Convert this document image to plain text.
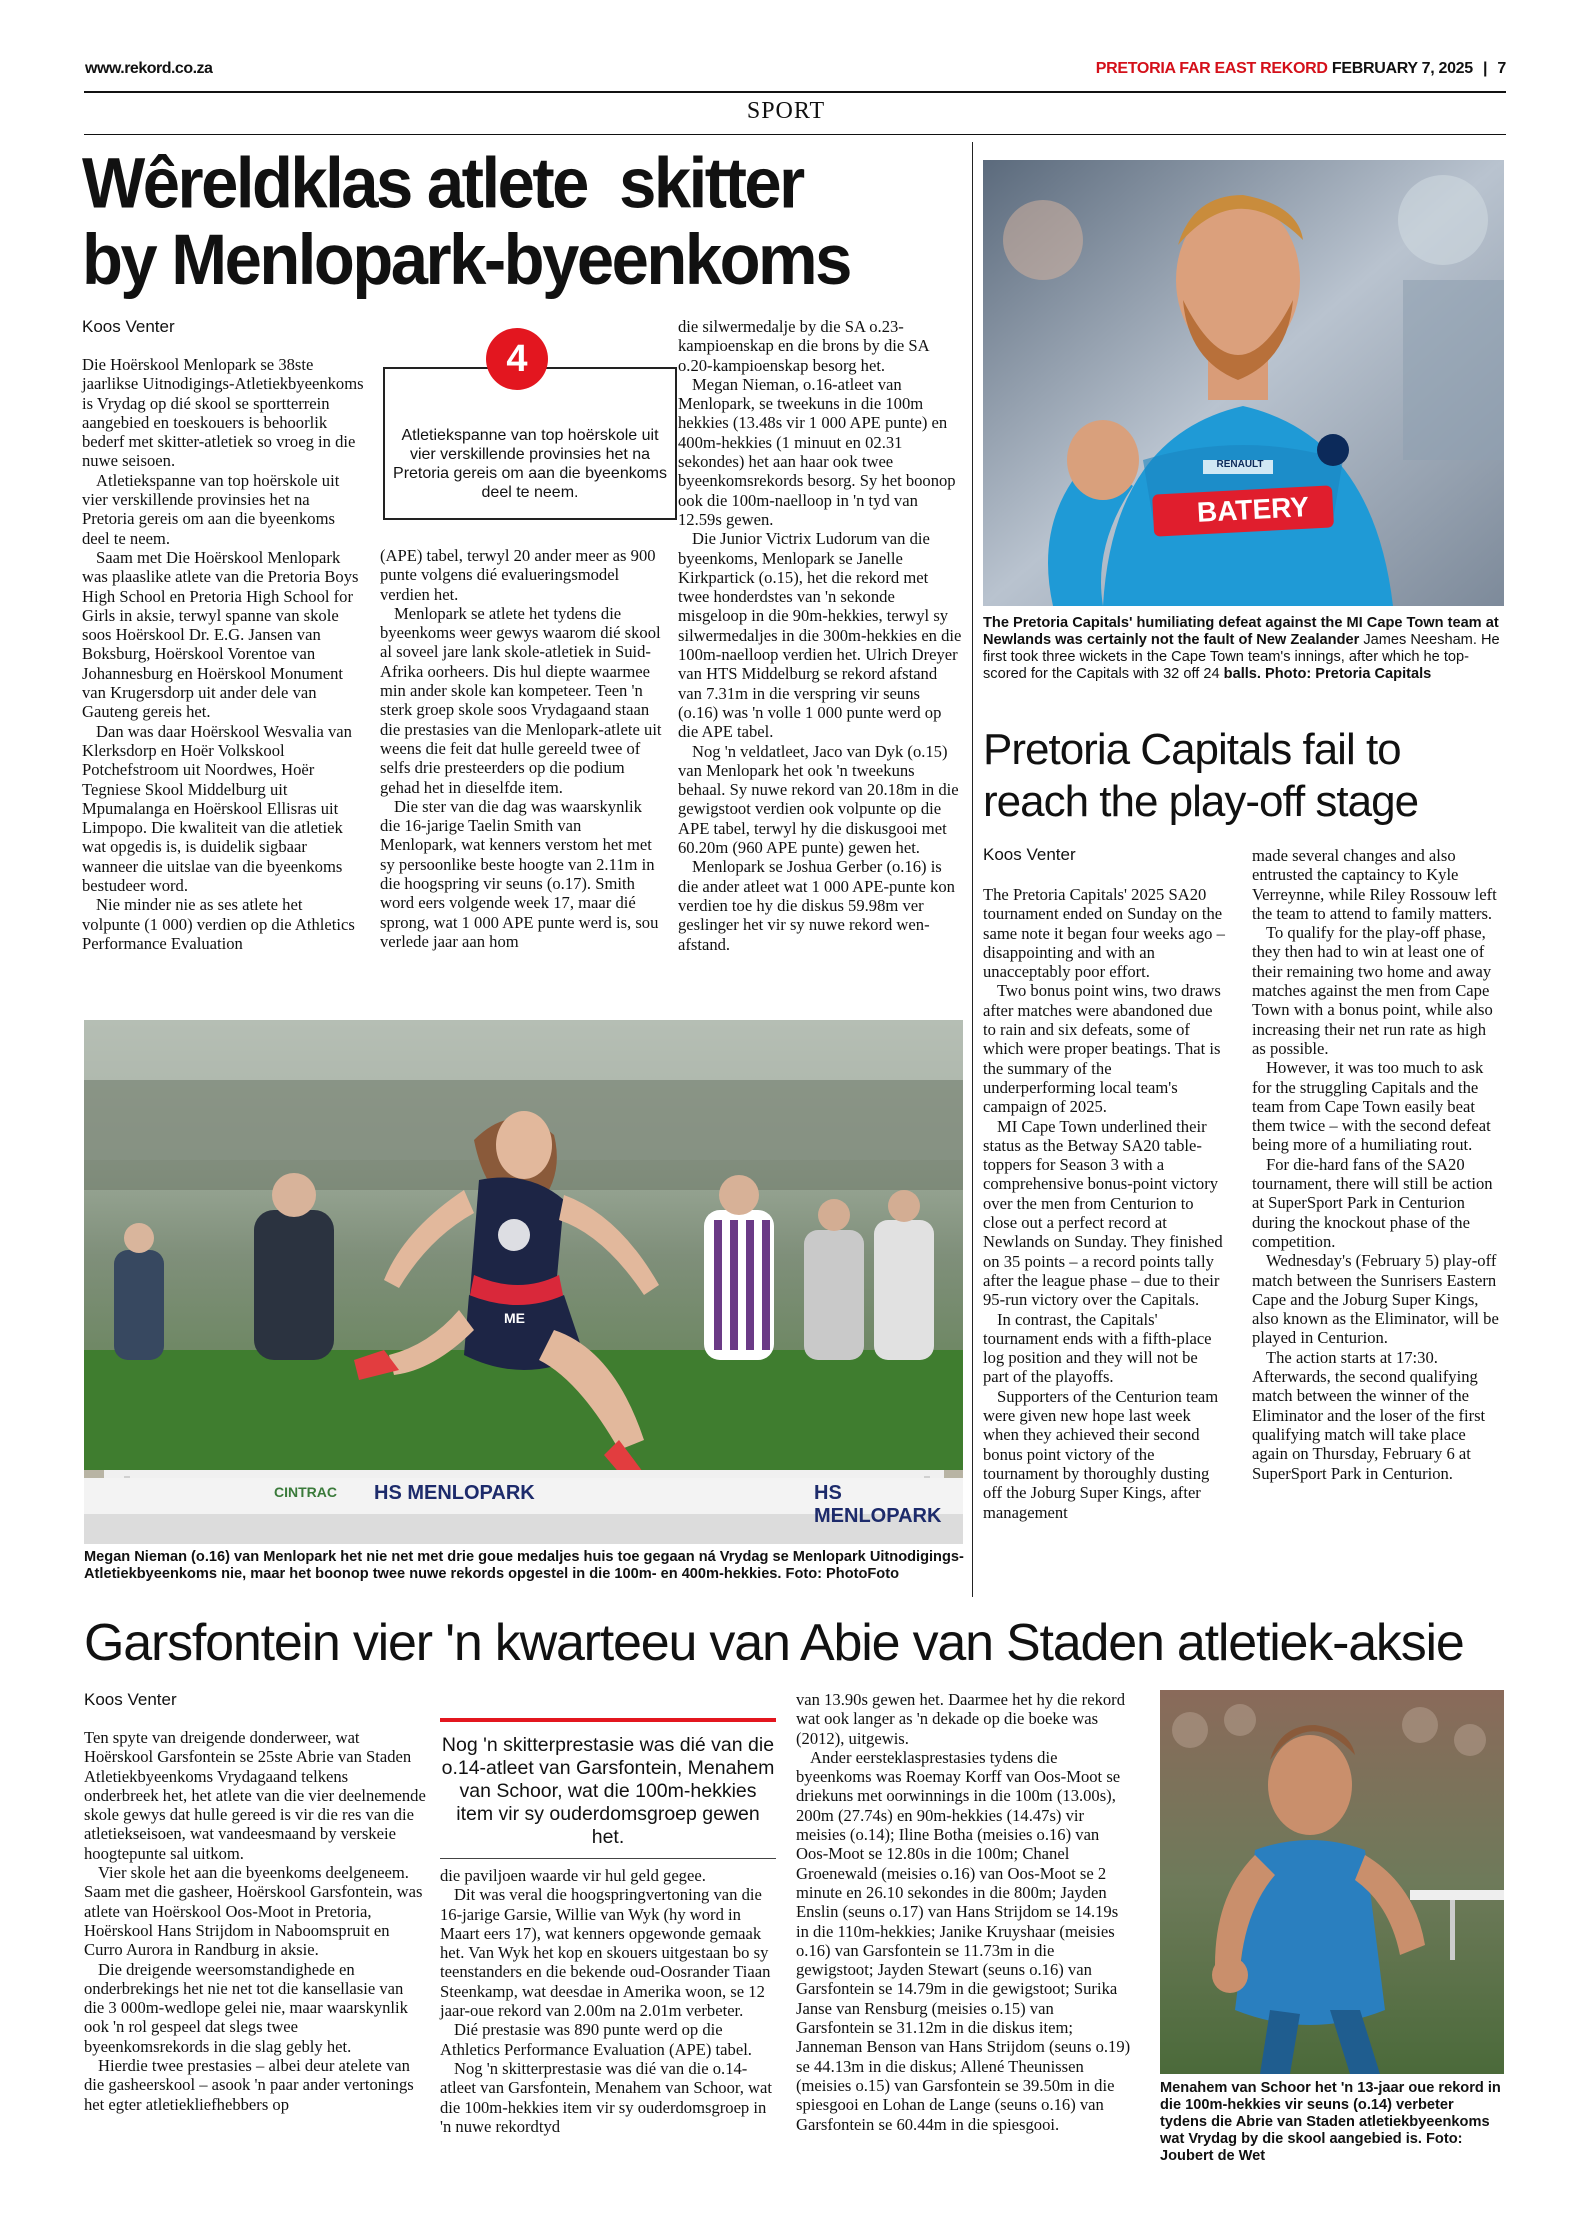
www.rekord.co.za	PRETORIA FAR EAST REKORD FEBRUARY 7, 2025 | 7
SPORT
Wêreldklas atlete  skitter
by Menlopark-byeenkoms
Koos Venter

Die Hoërskool Menlopark se 38ste jaarlikse Uitnodigings-Atletiekbyeenkoms is Vrydag op dié skool se sportterrein aangebied en toeskouers is behoorlik bederf met skitter-atletiek so vroeg in die nuwe seisoen.

Atletiekspanne van top hoërskole uit vier verskillende provinsies het na Pretoria gereis om aan die byeenkoms deel te neem.

Saam met Die Hoërskool Menlopark was plaaslike atlete van die Pretoria Boys High School en Pretoria High School for Girls in aksie, terwyl spanne van skole soos Hoërskool Dr. E.G. Jansen van Boksburg, Hoërskool Vorentoe van Johannesburg en Hoërskool Monument van Krugersdorp uit ander dele van Gauteng gereis het.

Dan was daar Hoërskool Wesvalia van Klerksdorp en Hoër Volkskool Potchefstroom uit Noordwes, Hoër Tegniese Skool Middelburg uit Mpumalanga en Hoërskool Ellisras uit Limpopo. Die kwaliteit van die atletiek wat opgedis is, is duidelik sigbaar wanneer die uitslae van die byeenkoms bestudeer word.

Nie minder nie as ses atlete het volpunte (1 000) verdien op die Athletics Performance Evaluation

4
Atletiekspanne van top hoërskole uit vier verskillende provinsies het na Pretoria gereis om aan die byeenkoms deel te neem.

(APE) tabel, terwyl 20 ander meer as 900 punte volgens dié evalueringsmodel verdien het.

Menlopark se atlete het tydens die byeenkoms weer gewys waarom dié skool al soveel jare lank skole-atletiek in Suid-Afrika oorheers. Dis hul diepte waarmee min ander skole kan kompeteer. Teen 'n sterk groep skole soos Vrydagaand staan die prestasies van die Menlopark-atlete uit weens die feit dat hulle gereeld twee of selfs drie presteerders op die podium gehad het in dieselfde item.

Die ster van die dag was waarskynlik die 16-jarige Taelin Smith van Menlopark, wat kenners verstom het met sy persoonlike beste hoogte van 2.11m in die hoogspring vir seuns (o.17). Smith word eers volgende week 17, maar dié sprong, wat 1 000 APE punte werd is, sou verlede jaar aan hom

die silwermedalje by die SA o.23-kampioenskap en die brons by die SA o.20-kampioenskap besorg het.

Megan Nieman, o.16-atleet van Menlopark, se tweekuns in die 100m hekkies (13.48s vir 1 000 APE punte) en 400m-hekkies (1 minuut en 02.31 sekondes) het aan haar ook twee byeenkomsrekords besorg. Sy het boonop ook die 100m-naelloop in 'n tyd van 12.59s gewen.

Die Junior Victrix Ludorum van die byeenkoms, Menlopark se Janelle Kirkpartick (o.15), het die rekord met twee honderdstes van 'n sekonde misgeloop in die 90m-hekkies, terwyl sy silwermedaljes in die 300m-hekkies en die 100m-naelloop verdien het. Ulrich Dreyer van HTS Middelburg se rekord afstand van 7.31m in die verspring vir seuns (o.16) was 'n volle 1 000 punte werd op die APE tabel.

Nog 'n veldatleet, Jaco van Dyk (o.15) van Menlopark het ook 'n tweekuns behaal. Sy nuwe rekord van 20.18m in die gewigstoot verdien ook volpunte op die APE tabel, terwyl hy die diskusgooi met 60.20m (960 APE punte) gewen het.

Menlopark se Joshua Gerber (o.16) is die ander atleet wat 1 000 APE-punte kon verdien toe hy die diskus 59.98m ver geslinger het vir sy nuwe rekord wen-afstand.

HS MENLOPARK	HS MENLOPARK
CINTRAC
ME
Megan Nieman (o.16) van Menlopark het nie net met drie goue medaljes huis toe gegaan ná Vrydag se Menlopark Uitnodigings-Atletiekbyeenkoms nie, maar het boonop twee nuwe rekords opgestel in die 100m- en 400m-hekkies. Foto: PhotoFoto
BATERY
RENAULT
The Pretoria Capitals' humiliating defeat against the MI Cape Town team at Newlands was certainly not the fault of New Zealander James Neesham. He first took three wickets in the Cape Town team's innings, after which he top-scored for the Capitals with 32 off 24 balls. Photo: Pretoria Capitals
Pretoria Capitals fail to
reach the play-off stage
Koos Venter

The Pretoria Capitals' 2025 SA20 tournament ended on Sunday on the same note it began four weeks ago – disappointing and with an unacceptably poor effort.

Two bonus point wins, two draws after matches were abandoned due to rain and six defeats, some of which were proper beatings. That is the summary of the underperforming local team's campaign of 2025.

MI Cape Town underlined their status as the Betway SA20 table-toppers for Season 3 with a comprehensive bonus-point victory over the men from Centurion to close out a perfect record at Newlands on Sunday. They finished on 35 points – a record points tally after the league phase – due to their 95-run victory over the Capitals.

In contrast, the Capitals' tournament ends with a fifth-place log position and they will not be part of the playoffs.

Supporters of the Centurion team were given new hope last week when they achieved their second bonus point victory of the tournament by thoroughly dusting off the Joburg Super Kings, after management

made several changes and also entrusted the captaincy to Kyle Verreynne, while Riley Rossouw left the team to attend to family matters.

To qualify for the play-off phase, they then had to win at least one of their remaining two home and away matches against the men from Cape Town with a bonus point, while also increasing their net run rate as high as possible.

However, it was too much to ask for the struggling Capitals and the team from Cape Town easily beat them twice – with the second defeat being more of a humiliating rout.

For die-hard fans of the SA20 tournament, there will still be action at SuperSport Park in Centurion during the knockout phase of the competition.

Wednesday's (February 5) play-off match between the Sunrisers Eastern Cape and the Joburg Super Kings, also known as the Eliminator, will be played in Centurion.

The action starts at 17:30. Afterwards, the second qualifying match between the winner of the Eliminator and the loser of the first qualifying match will take place again on Thursday, February 6 at SuperSport Park in Centurion.

Garsfontein vier 'n kwarteeu van Abie van Staden atletiek-aksie
Koos Venter

Ten spyte van dreigende donderweer, wat Hoërskool Garsfontein se 25ste Abrie van Staden Atletiekbyeenkoms Vrydagaand telkens onderbreek het, het atlete van die vier deelnemende skole gewys dat hulle gereed is vir die res van die atletiekseisoen, wat vandeesmaand by verskeie hoogtepunte sal uitkom.

Vier skole het aan die byeenkoms deelgeneem. Saam met die gasheer, Hoërskool Garsfontein, was atlete van Hoërskool Oos-Moot in Pretoria, Hoërskool Hans Strijdom in Naboomspruit en Curro Aurora in Randburg in aksie.

Die dreigende weersomstandighede en onderbrekings het nie net tot die kansellasie van die 3 000m-wedlope gelei nie, maar waarskynlik ook 'n rol gespeel dat slegs twee byeenkomsrekords in die slag gebly het.

Hierdie twee prestasies – albei deur atelete van die gasheerskool – asook 'n paar ander vertonings het egter atletiekliefhebbers op

Nog 'n skitterprestasie was dié van die o.14-atleet van Garsfontein, Menahem van Schoor, wat die 100m-hekkies item vir sy ouderdomsgroep gewen het.

die paviljoen waarde vir hul geld gegee.

Dit was veral die hoogspringvertoning van die 16-jarige Garsie, Willie van Wyk (hy word in Maart eers 17), wat kenners opgewonde gemaak het. Van Wyk het kop en skouers uitgestaan bo sy teenstanders en die bekende oud-Oosrander Tiaan Steenkamp, wat deesdae in Amerika woon, se 12 jaar-oue rekord van 2.00m na 2.01m verbeter.

Dié prestasie was 890 punte werd op die Athletics Performance Evaluation (APE) tabel.

Nog 'n skitterprestasie was dié van die o.14-atleet van Garsfontein, Menahem van Schoor, wat die 100m-hekkies item vir sy ouderdomsgroep in 'n nuwe rekordtyd

van 13.90s gewen het. Daarmee het hy die rekord wat ook langer as 'n dekade op die boeke was (2012), uitgewis.

Ander eersteklasprestasies tydens die byeenkoms was Roemay Korff van Oos-Moot se driekuns met oorwinnings in die 100m (13.00s), 200m (27.74s) en 90m-hekkies (14.47s) vir meisies (o.14); Iline Botha (meisies o.16) van Oos-Moot se 12.80s in die 100m; Chanel Groenewald (meisies o.16) van Oos-Moot se 2 minute en 26.10 sekondes in die 800m; Jayden Enslin (seuns o.17) van Hans Strijdom se 14.19s in die 110m-hekkies; Janike Kruyshaar (meisies o.16) van Garsfontein se 11.73m in die gewigstoot; Jayden Stewart (seuns o.16) van Garsfontein se 14.79m in die gewigstoot; Surika Janse van Rensburg (meisies o.15) van Garsfontein se 31.12m in die diskus item; Janneman Benson van Hans Strijdom (seuns o.19) se 44.13m in die diskus; Allené Theunissen (meisies o.15) van Garsfontein se 39.50m in die spiesgooi en Lohan de Lange (seuns o.16) van Garsfontein se 60.44m in die spiesgooi.

Menahem van Schoor het 'n 13-jaar oue rekord in die 100m-hekkies vir seuns (o.14) verbeter tydens die Abrie van Staden atletiekbyeenkoms wat Vrydag by die skool aangebied is. Foto: Joubert de Wet
